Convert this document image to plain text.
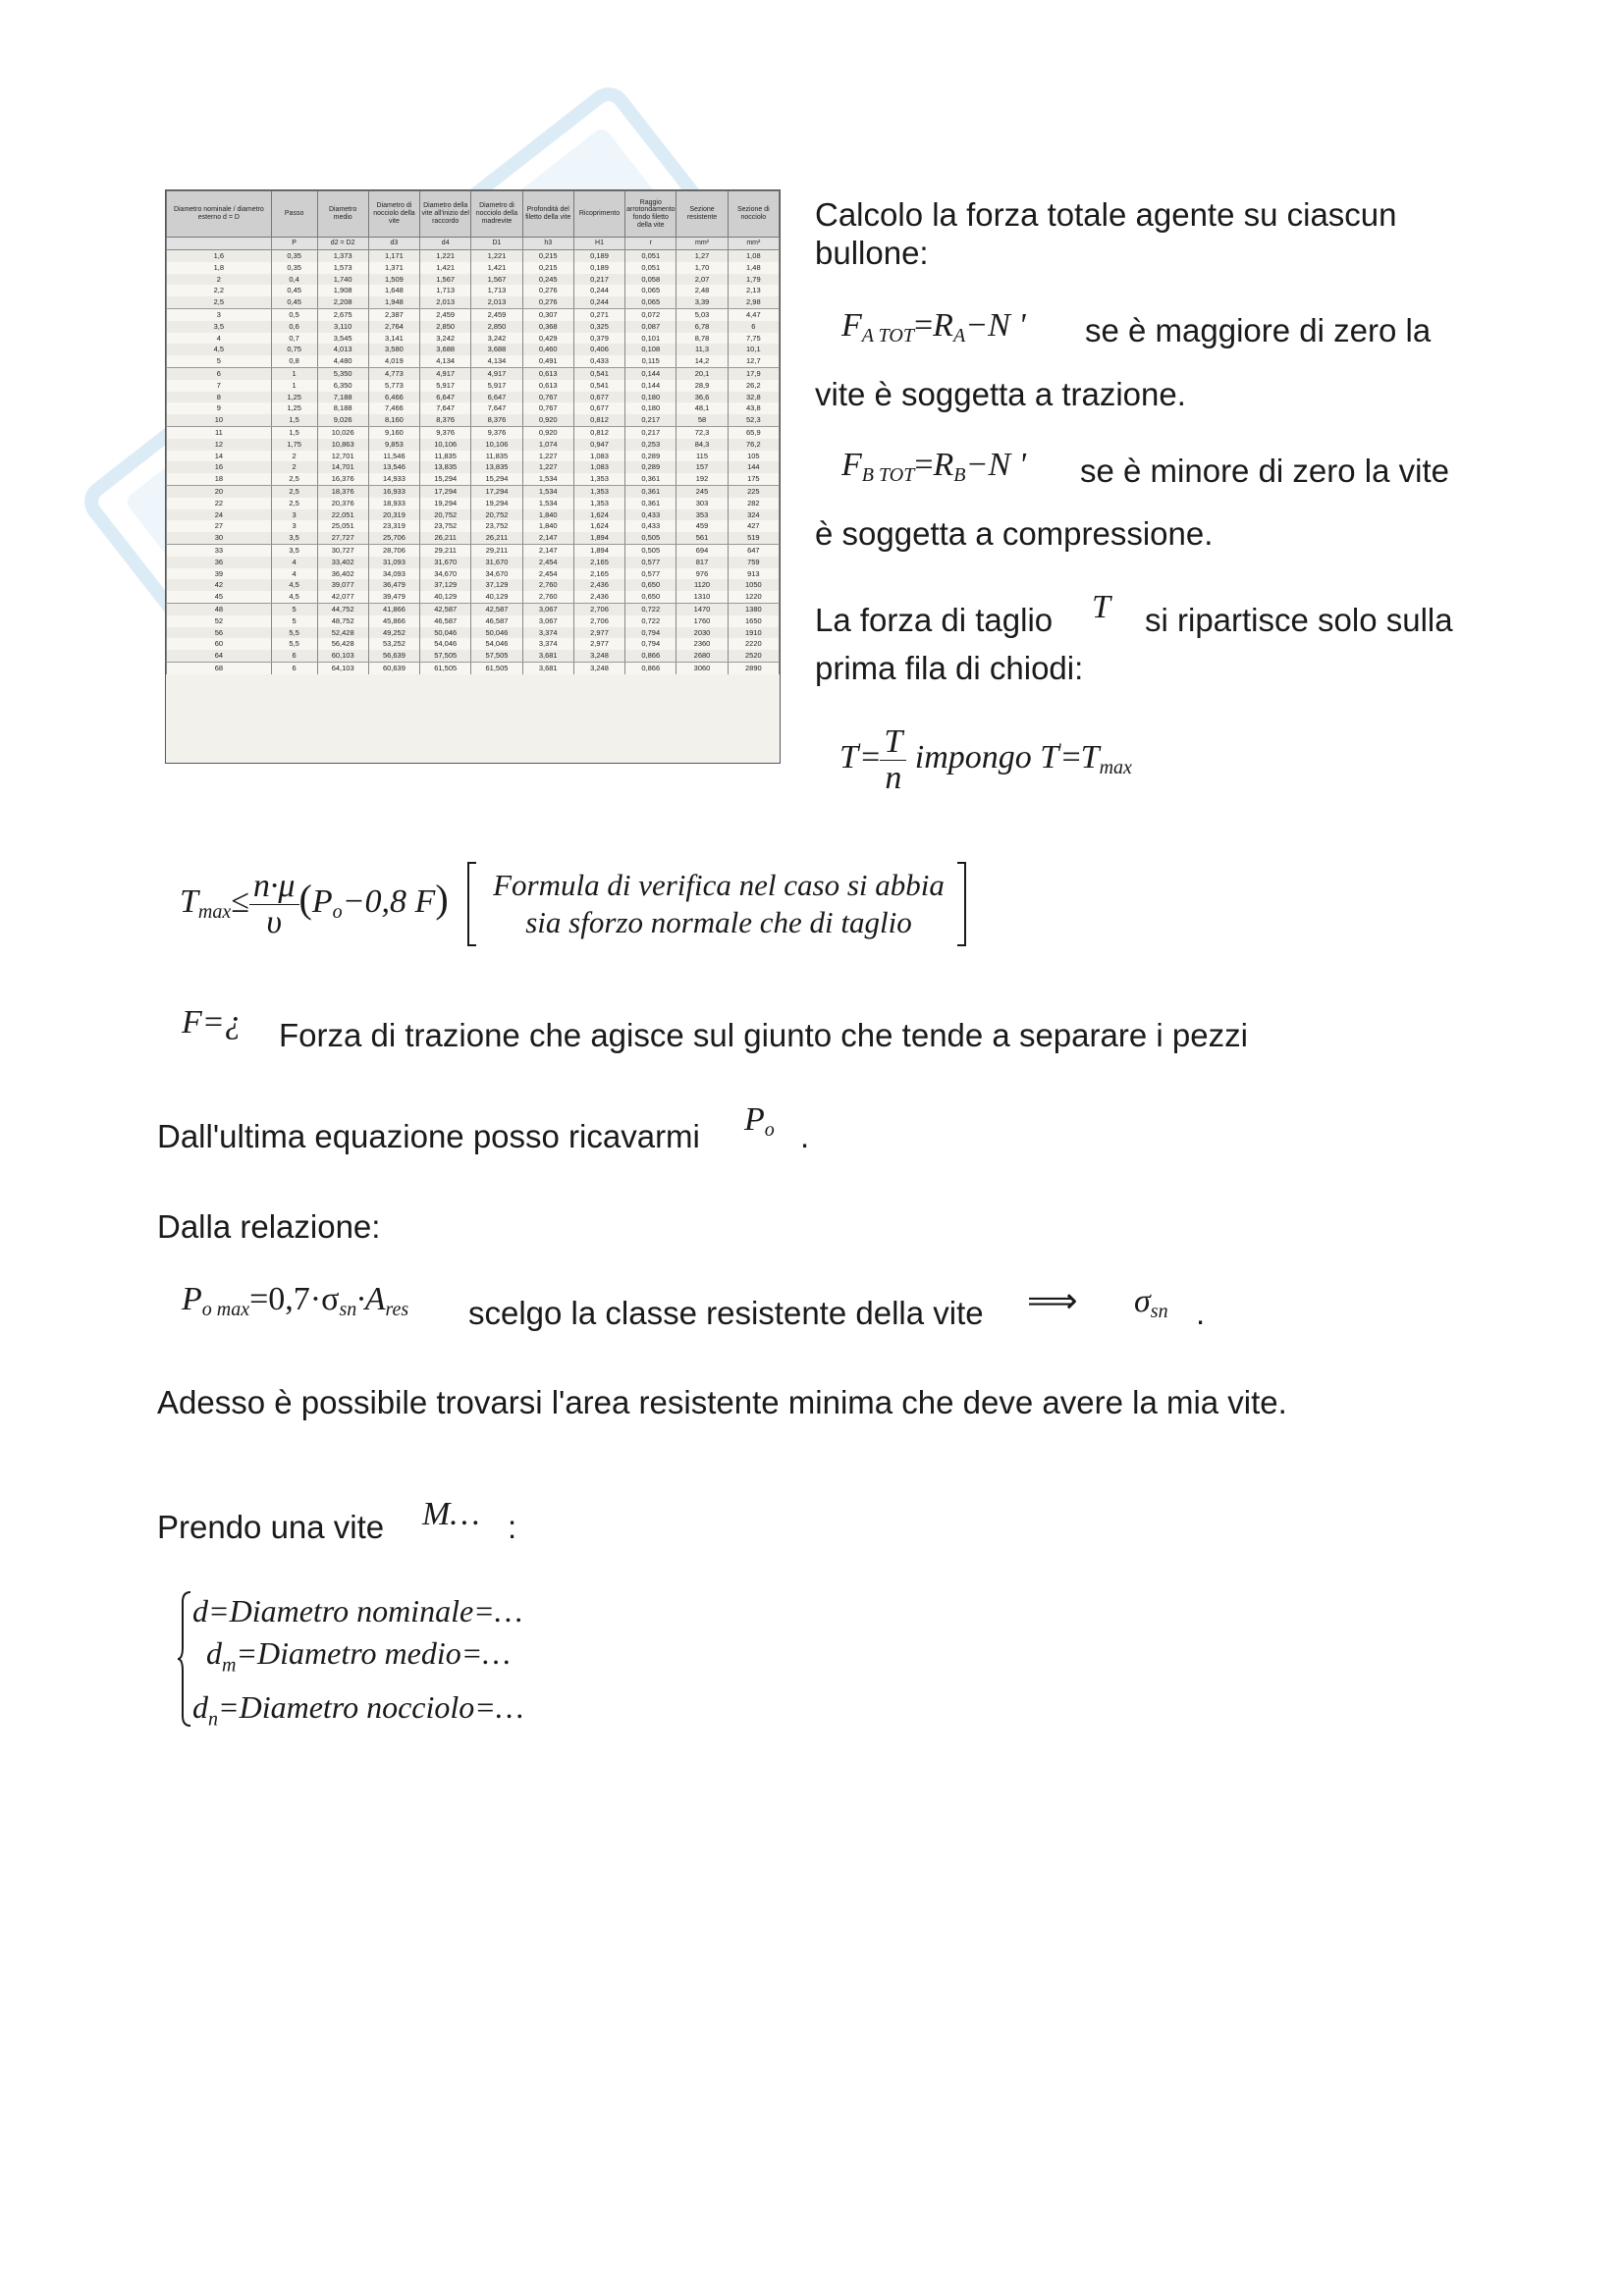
Diametro nominale / diametro esterno d = D	Passo	Diametro medio	Diametro di nocciolo della vite	Diametro della vite all'inizio del raccordo	Diametro di nocciolo della madrevite	Profondità del filetto della vite	Ricoprimento	Raggio arrotondamento fondo filetto della vite	Sezione resistente	Sezione di nocciolo
	P	d2 = D2	d3	d4	D1	h3	H1	r	mm²	mm²
1,6	0,35	1,373	1,171	1,221	1,221	0,215	0,189	0,051	1,27	1,08
1,8	0,35	1,573	1,371	1,421	1,421	0,215	0,189	0,051	1,70	1,48
2	0,4	1,740	1,509	1,567	1,567	0,245	0,217	0,058	2,07	1,79
2,2	0,45	1,908	1,648	1,713	1,713	0,276	0,244	0,065	2,48	2,13
2,5	0,45	2,208	1,948	2,013	2,013	0,276	0,244	0,065	3,39	2,98
3	0,5	2,675	2,387	2,459	2,459	0,307	0,271	0,072	5,03	4,47
3,5	0,6	3,110	2,764	2,850	2,850	0,368	0,325	0,087	6,78	6
4	0,7	3,545	3,141	3,242	3,242	0,429	0,379	0,101	8,78	7,75
4,5	0,75	4,013	3,580	3,688	3,688	0,460	0,406	0,108	11,3	10,1
5	0,8	4,480	4,019	4,134	4,134	0,491	0,433	0,115	14,2	12,7
6	1	5,350	4,773	4,917	4,917	0,613	0,541	0,144	20,1	17,9
7	1	6,350	5,773	5,917	5,917	0,613	0,541	0,144	28,9	26,2
8	1,25	7,188	6,466	6,647	6,647	0,767	0,677	0,180	36,6	32,8
9	1,25	8,188	7,466	7,647	7,647	0,767	0,677	0,180	48,1	43,8
10	1,5	9,026	8,160	8,376	8,376	0,920	0,812	0,217	58	52,3
11	1,5	10,026	9,160	9,376	9,376	0,920	0,812	0,217	72,3	65,9
12	1,75	10,863	9,853	10,106	10,106	1,074	0,947	0,253	84,3	76,2
14	2	12,701	11,546	11,835	11,835	1,227	1,083	0,289	115	105
16	2	14,701	13,546	13,835	13,835	1,227	1,083	0,289	157	144
18	2,5	16,376	14,933	15,294	15,294	1,534	1,353	0,361	192	175
20	2,5	18,376	16,933	17,294	17,294	1,534	1,353	0,361	245	225
22	2,5	20,376	18,933	19,294	19,294	1,534	1,353	0,361	303	282
24	3	22,051	20,319	20,752	20,752	1,840	1,624	0,433	353	324
27	3	25,051	23,319	23,752	23,752	1,840	1,624	0,433	459	427
30	3,5	27,727	25,706	26,211	26,211	2,147	1,894	0,505	561	519
33	3,5	30,727	28,706	29,211	29,211	2,147	1,894	0,505	694	647
36	4	33,402	31,093	31,670	31,670	2,454	2,165	0,577	817	759
39	4	36,402	34,093	34,670	34,670	2,454	2,165	0,577	976	913
42	4,5	39,077	36,479	37,129	37,129	2,760	2,436	0,650	1120	1050
45	4,5	42,077	39,479	40,129	40,129	2,760	2,436	0,650	1310	1220
48	5	44,752	41,866	42,587	42,587	3,067	2,706	0,722	1470	1380
52	5	48,752	45,866	46,587	46,587	3,067	2,706	0,722	1760	1650
56	5,5	52,428	49,252	50,046	50,046	3,374	2,977	0,794	2030	1910
60	5,5	56,428	53,252	54,046	54,046	3,374	2,977	0,794	2360	2220
64	6	60,103	56,639	57,505	57,505	3,681	3,248	0,866	2680	2520
68	6	64,103	60,639	61,505	61,505	3,681	3,248	0,866	3060	2890
Calcolo la forza totale agente su ciascun
bullone:
$F_{A TOT}=R_A-N$ ' se è maggiore di zero la
vite è soggetta a trazione.
$F_{B TOT}=R_B-N$ ' se è minore di zero la vite
è soggetta a compressione.
La forza di taglio T si ripartisce solo sulla
prima fila di chiodi:
$T'= \frac{T}{n}$ impongo $T'=T_{max}$
$T_{max}\le \frac{n\cdot\mu}{\upsilon} (P_o-0,8$ F)	Formula di verifica nel caso si abbia
sia sforzo normale che di taglio
F=¿ Forza di trazione che agisce sul giunto che tende a separare i pezzi
Dall'ultima equazione posso ricavarmi $P_o$ .
Dalla relazione:
$P_{o max}=0,7\cdot\sigma_{sn}\cdot A_{res}$ scelgo la classe resistente della vite ⟹ $\sigma_{sn}$ .
Adesso è possibile trovarsi l'area resistente minima che deve avere la mia vite.
Prendo una vite M… :
d=Diametro nominale=…
$d_m=Diametro$ medio=…
$d_n=Diametro$ nocciolo=…
